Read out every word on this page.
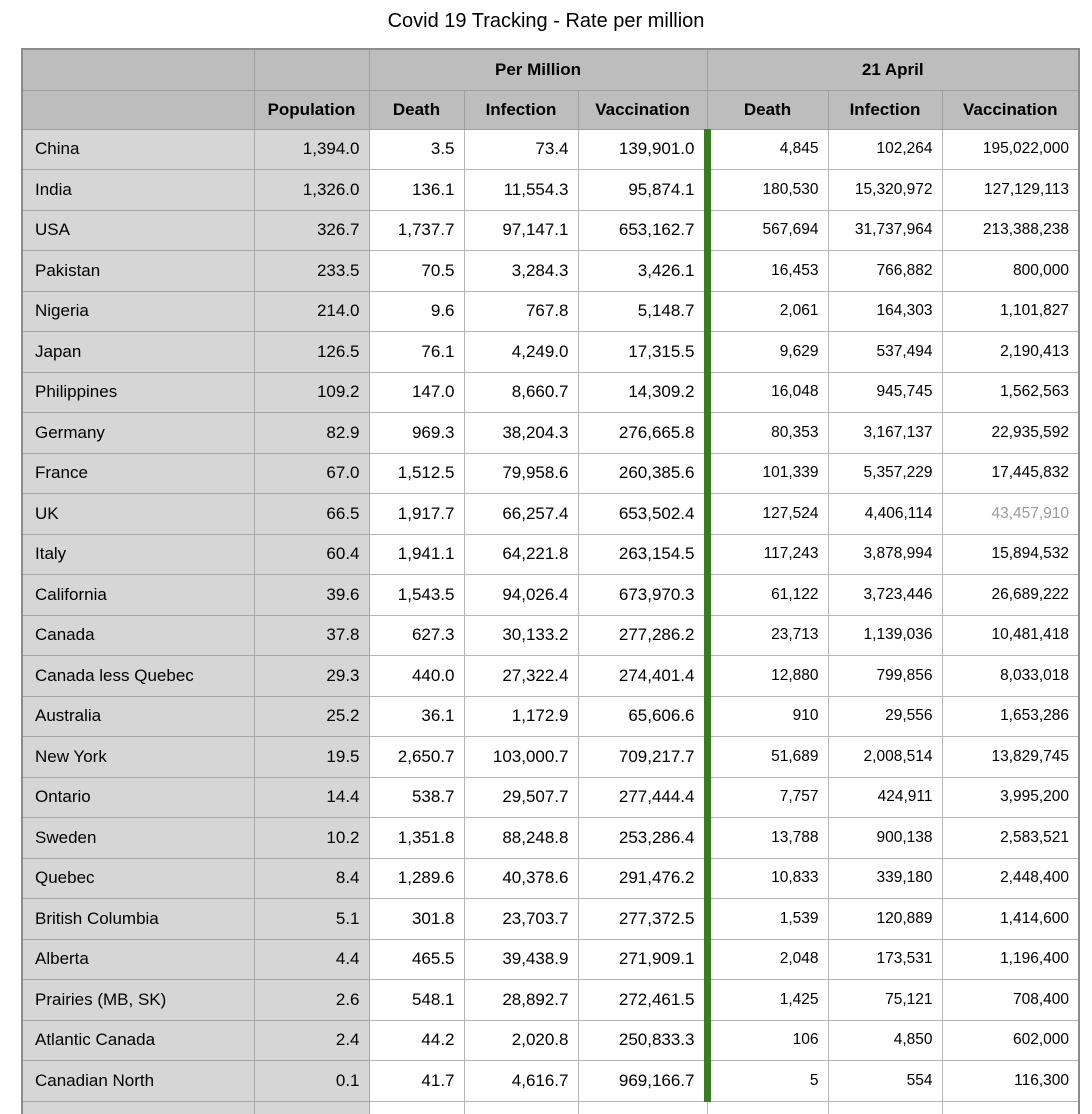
Covid 19 Tracking - Rate per million
		Per Million			21 April		
	Population	Death	Infection	Vaccination	Death	Infection	Vaccination
China	1,394.0	3.5	73.4	139,901.0	4,845	102,264	195,022,000
India	1,326.0	136.1	11,554.3	95,874.1	180,530	15,320,972	127,129,113
USA	326.7	1,737.7	97,147.1	653,162.7	567,694	31,737,964	213,388,238
Pakistan	233.5	70.5	3,284.3	3,426.1	16,453	766,882	800,000
Nigeria	214.0	9.6	767.8	5,148.7	2,061	164,303	1,101,827
Japan	126.5	76.1	4,249.0	17,315.5	9,629	537,494	2,190,413
Philippines	109.2	147.0	8,660.7	14,309.2	16,048	945,745	1,562,563
Germany	82.9	969.3	38,204.3	276,665.8	80,353	3,167,137	22,935,592
France	67.0	1,512.5	79,958.6	260,385.6	101,339	5,357,229	17,445,832
UK	66.5	1,917.7	66,257.4	653,502.4	127,524	4,406,114	43,457,910
Italy	60.4	1,941.1	64,221.8	263,154.5	117,243	3,878,994	15,894,532
California	39.6	1,543.5	94,026.4	673,970.3	61,122	3,723,446	26,689,222
Canada	37.8	627.3	30,133.2	277,286.2	23,713	1,139,036	10,481,418
Canada less Quebec	29.3	440.0	27,322.4	274,401.4	12,880	799,856	8,033,018
Australia	25.2	36.1	1,172.9	65,606.6	910	29,556	1,653,286
New York	19.5	2,650.7	103,000.7	709,217.7	51,689	2,008,514	13,829,745
Ontario	14.4	538.7	29,507.7	277,444.4	7,757	424,911	3,995,200
Sweden	10.2	1,351.8	88,248.8	253,286.4	13,788	900,138	2,583,521
Quebec	8.4	1,289.6	40,378.6	291,476.2	10,833	339,180	2,448,400
British Columbia	5.1	301.8	23,703.7	277,372.5	1,539	120,889	1,414,600
Alberta	4.4	465.5	39,438.9	271,909.1	2,048	173,531	1,196,400
Prairies (MB, SK)	2.6	548.1	28,892.7	272,461.5	1,425	75,121	708,400
Atlantic Canada	2.4	44.2	2,020.8	250,833.3	106	4,850	602,000
Canadian North	0.1	41.7	4,616.7	969,166.7	5	554	116,300
